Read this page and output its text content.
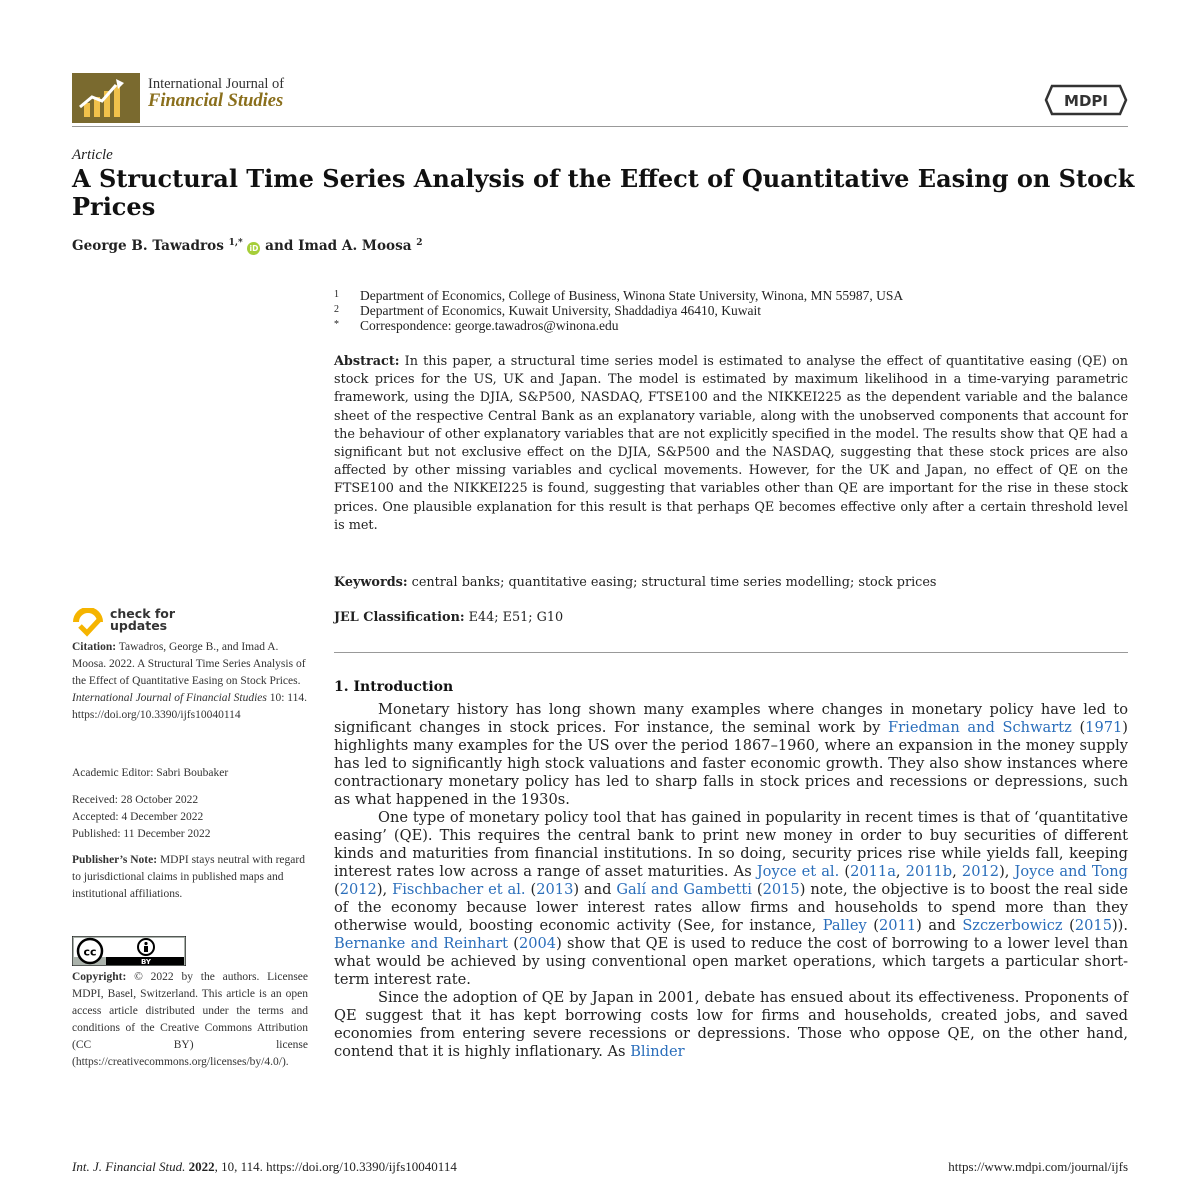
International Journal of
Financial Studies	MDPI
Article
A Structural Time Series Analysis of the Effect of Quantitative Easing on Stock Prices
George B. Tawadros $^{1,*}$ iD and Imad A. Moosa $^2$
1 Department of Economics, College of Business, Winona State University, Winona, MN 55987, USA
2 Department of Economics, Kuwait University, Shaddadiya 46410, Kuwait
* Correspondence: george.tawadros@winona.edu
Abstract: In this paper, a structural time series model is estimated to analyse the effect of quantitative easing (QE) on stock prices for the US, UK and Japan. The model is estimated by maximum likelihood in a time-varying parametric framework, using the DJIA, S&P500, NASDAQ, FTSE100 and the NIKKEI225 as the dependent variable and the balance sheet of the respective Central Bank as an explanatory variable, along with the unobserved components that account for the behaviour of other explanatory variables that are not explicitly specified in the model. The results show that QE had a significant but not exclusive effect on the DJIA, S&P500 and the NASDAQ, suggesting that these stock prices are also affected by other missing variables and cyclical movements. However, for the UK and Japan, no effect of QE on the FTSE100 and the NIKKEI225 is found, suggesting that variables other than QE are important for the rise in these stock prices. One plausible explanation for this result is that perhaps QE becomes effective only after a certain threshold level is met.
Keywords: central banks; quantitative easing; structural time series modelling; stock prices
JEL Classification: E44; E51; G10
1. Introduction

Monetary history has long shown many examples where changes in monetary policy have led to significant changes in stock prices. For instance, the seminal work by Friedman and Schwartz (1971) highlights many examples for the US over the period 1867–1960, where an expansion in the money supply has led to significantly high stock valuations and faster economic growth. They also show instances where contractionary monetary policy has led to sharp falls in stock prices and recessions or depressions, such as what happened in the 1930s.

One type of monetary policy tool that has gained in popularity in recent times is that of ‘quantitative easing’ (QE). This requires the central bank to print new money in order to buy securities of different kinds and maturities from financial institutions. In so doing, security prices rise while yields fall, keeping interest rates low across a range of asset maturities. As Joyce et al. (2011a, 2011b, 2012), Joyce and Tong (2012), Fischbacher et al. (2013) and Galí and Gambetti (2015) note, the objective is to boost the real side of the economy because lower interest rates allow firms and households to spend more than they otherwise would, boosting economic activity (See, for instance, Palley (2011) and Szczerbowicz (2015)). Bernanke and Reinhart (2004) show that QE is used to reduce the cost of borrowing to a lower level than what would be achieved by using conventional open market operations, which targets a particular short-term interest rate.

Since the adoption of QE by Japan in 2001, debate has ensued about its effectiveness. Proponents of QE suggest that it has kept borrowing costs low for firms and households, created jobs, and saved economies from entering severe recessions or depressions. Those who oppose QE, on the other hand, contend that it is highly inflationary. As Blinder

check for
updates
Citation: Tawadros, George B., and Imad A. Moosa. 2022. A Structural Time Series Analysis of the Effect of Quantitative Easing on Stock Prices. International Journal of Financial Studies 10: 114. https://doi.org/10.3390/ijfs10040114
Academic Editor: Sabri Boubaker
Received: 28 October 2022
Accepted: 4 December 2022
Published: 11 December 2022
Publisher’s Note: MDPI stays neutral with regard to jurisdictional claims in published maps and institutional affiliations.
cc
BY
Copyright: © 2022 by the authors. Licensee MDPI, Basel, Switzerland. This article is an open access article distributed under the terms and conditions of the Creative Commons Attribution (CC BY) license (https://creativecommons.org/licenses/by/4.0/).
Int. J. Financial Stud. 2022, 10, 114. https://doi.org/10.3390/ijfs10040114	https://www.mdpi.com/journal/ijfs
